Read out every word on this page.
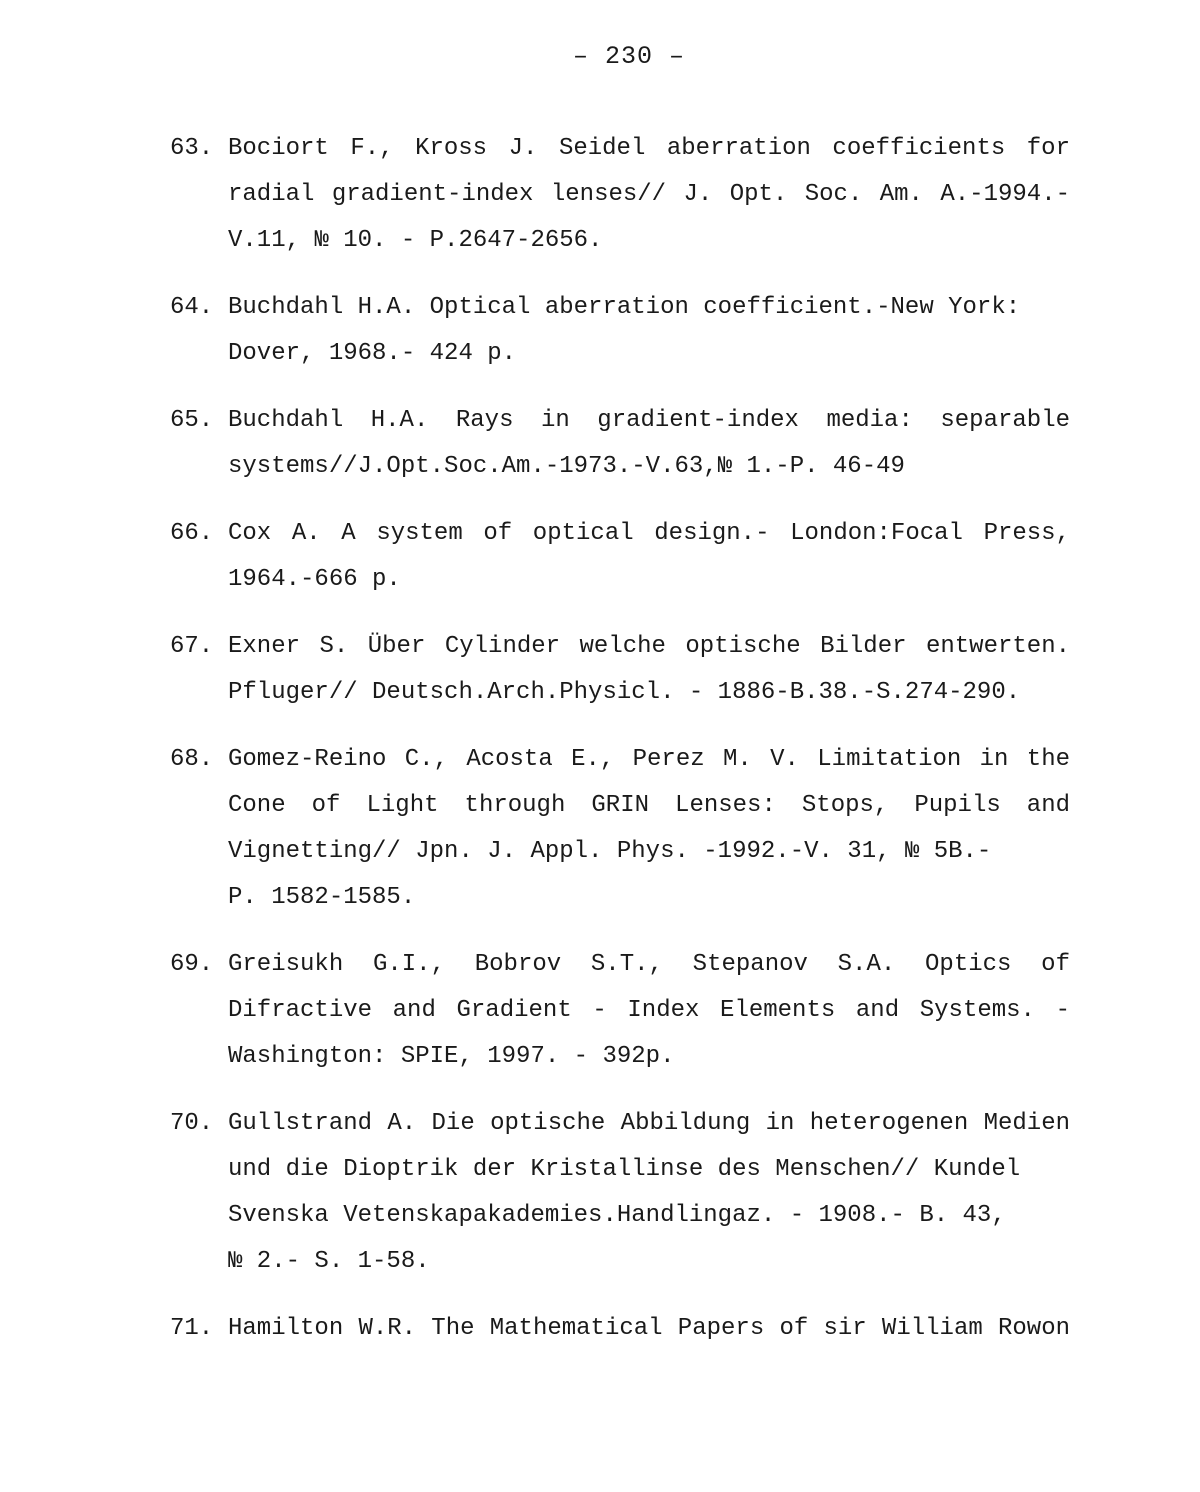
– 230 –
63. Bociort F., Kross J. Seidel aberration coefficients for
radial gradient-index lenses// J. Opt. Soc. Am. A.-1994.-
V.11, № 10. - P.2647-2656.
64. Buchdahl H.A. Optical aberration coefficient.-New York:
Dover, 1968.- 424 p.
65. Buchdahl H.A. Rays in gradient-index media: separable
systems//J.Opt.Soc.Am.-1973.-V.63,№ 1.-P. 46-49
66. Cox A. A system of optical design.- London:Focal Press,
1964.-666 p.
67. Exner S. Über Cylinder welche optische Bilder entwerten.
Pfluger// Deutsch.Arch.Physicl. - 1886-B.38.-S.274-290.
68. Gomez-Reino C., Acosta E., Perez M. V. Limitation in the
Cone of Light through GRIN Lenses: Stops, Pupils and
Vignetting// Jpn. J. Appl. Phys. -1992.-V. 31, № 5B.-
P. 1582-1585.
69. Greisukh G.I., Bobrov S.T., Stepanov S.A. Optics of
Difractive and Gradient - Index Elements and Systems. -
Washington: SPIE, 1997. - 392p.
70. Gullstrand A. Die optische Abbildung in heterogenen Medien
und die Dioptrik der Kristallinse des Menschen// Kundel
Svenska Vetenskapakademies.Handlingaz. - 1908.- B. 43,
№ 2.- S. 1-58.
71. Hamilton W.R. The Mathematical Papers of sir William Rowon
